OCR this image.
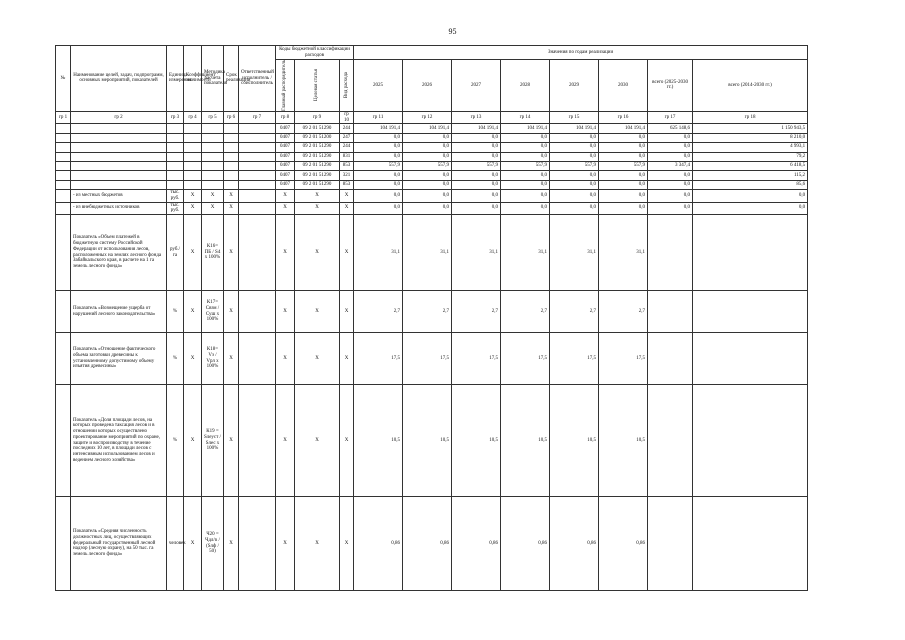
95
№	Наименование целей, задач, подпрограмм, основных мероприятий, показателей	Единица измерения	Коэффициент значимости	Методика расчета показателя	Срок реализации	Ответственный исполнитель / соисполнитель	Коды бюджетной классификации расходов			Значения по годам реализации							

							Главный распорядитель	Целевая статья	Вид расхода	2025	2026	2027	2028	2029	2030	всего (2025-2030 гг.)	всего (2014-2030 гг.)
гр 1	гр 2	гр 3	гр 4	гр 5	гр 6	гр 7	гр 8	гр 9	гр 10	гр 11	гр 12	гр 13	гр 14	гр 15	гр 16	гр 17	гр 18
							0407	09 2 01 51290	244	104 191,4	104 191,4	104 191,4	104 191,4	104 191,4	104 191,4	625 148,6	1 150 943,5
							0407	09 2 01 51200	247	0,0	0,0	0,0	0,0	0,0	0,0	0,0	8 210,0
							0407	09 2 01 51290	244	0,0	0,0	0,0	0,0	0,0	0,0	0,0	4 993,1
							0407	09 2 01 51290	831	0,0	0,0	0,0	0,0	0,0	0,0	0,0	79,2
							0407	09 2 01 51290	853	557,9	557,9	557,9	557,9	557,9	557,9	3 347,4	6 418,5
							0407	09 2 01 51290	321	0,0	0,0	0,0	0,0	0,0	0,0	0,0	115,2
							0407	09 2 01 51290	853	0,0	0,0	0,0	0,0	0,0	0,0	0,0	85,6
	- из местных бюджетов	тыс. руб.	X	X	X		X	X	X	0,0	0,0	0,0	0,0	0,0	0,0	0,0	0,0
	- из внебюджетных источников	тыс. руб.	X	X	X		X	X	X	0,0	0,0	0,0	0,0	0,0	0,0	0,0	0,0
	Показатель «Объем платежей в бюджетную систему Российской Федерации от использования лесов, расположенных на землях лесного фонда Забайкальского края, в расчете на 1 га земель лесного фонда»	руб./га	X	К16= ПБ / S4 x 100%	X		X	X	X	31,1	31,1	31,1	31,1	31,1	31,1		
	Показатель «Возмещение ущерба от нарушений лесного законодательства»	%	X	К17= Свзм / Суш x 100%	X		X	X	X	2,7	2,7	2,7	2,7	2,7	2,7		
	Показатель «Отношение фактического объема заготовки древесины к установленному допустимому объему изъятия древесины»	%	X	К18= Vз / Vрл x 100%	X		X	X	X	17,5	17,5	17,5	17,5	17,5	17,5		
	Показатель «Доля площади лесов, на которых проведена таксация лесов и в отношении которых осуществлено проектирование мероприятий по охране, защите и воспроизводству в течение последних 10 лет, в площади лесов с интенсивным использованием лесов и ведением лесного хозяйства»	%	X	К19 = Sлеуст / Sлес x 100%	X		X	X	X	10,5	10,5	10,5	10,5	10,5	10,5		
	Показатель «Средняя численность должностных лиц, осуществляющих федеральный государственный лесной надзор (лесную охрану), на 50 тыс. га земель лесного фонда»	человек	X	Ч20 = Чдл/n / (Sлф / 50)	X		X	X	X	0,86	0,86	0,86	0,86	0,86	0,86		
